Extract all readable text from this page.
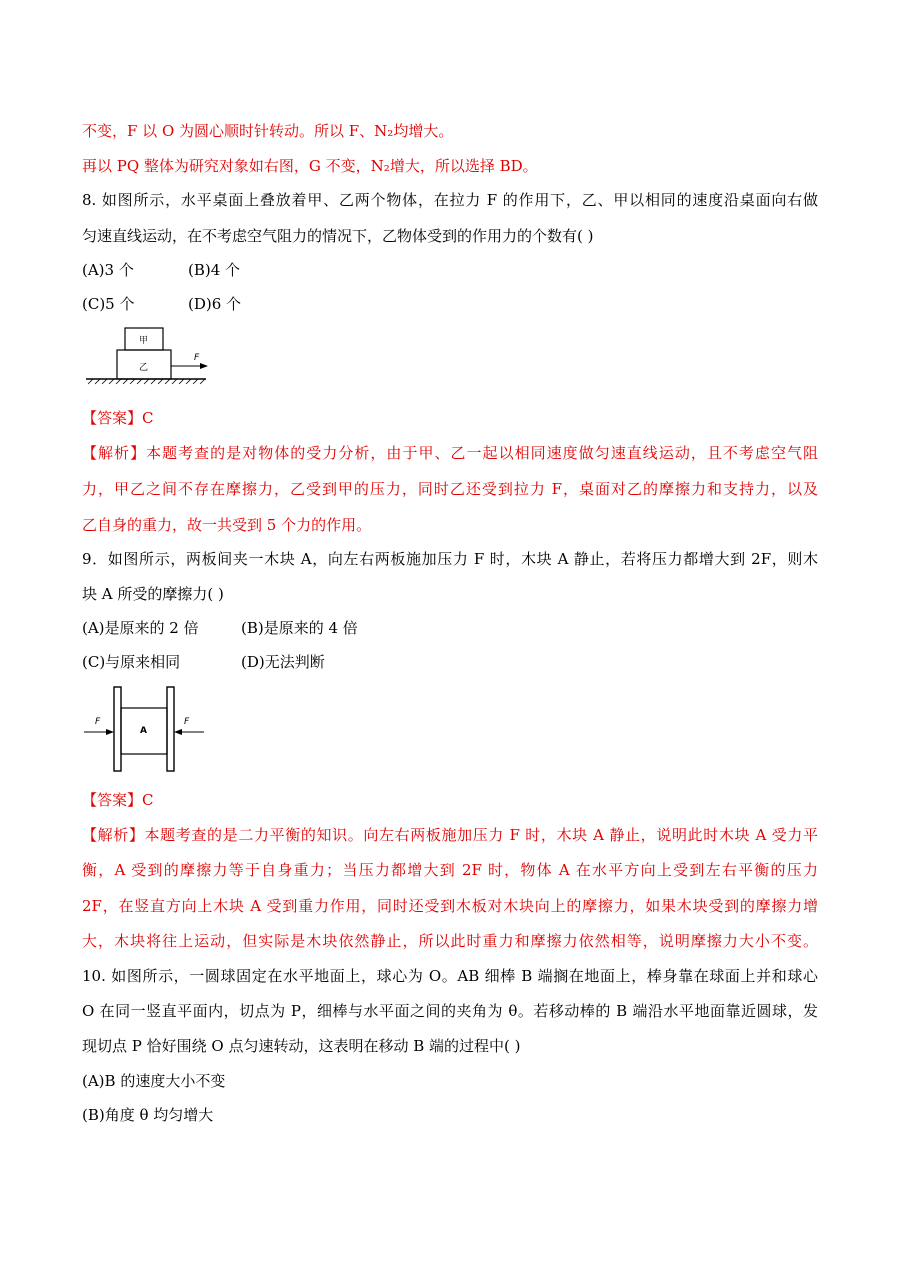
不变，F 以 O 为圆心顺时针转动。所以 F、N₂均增大。
再以 PQ 整体为研究对象如右图，G 不变，N₂增大，所以选择 BD。
8. 如图所示，水平桌面上叠放着甲、乙两个物体，在拉力 F 的作用下，乙、甲以相同的速度沿桌面向右做
匀速直线运动，在不考虑空气阻力的情况下，乙物体受到的作用力的个数有( )
(A)3 个	(B)4 个
(C)5 个	(D)6 个
甲
乙
F
【答案】C
【解析】本题考查的是对物体的受力分析，由于甲、乙一起以相同速度做匀速直线运动，且不考虑空气阻
力，甲乙之间不存在摩擦力，乙受到甲的压力，同时乙还受到拉力 F，桌面对乙的摩擦力和支持力，以及
乙自身的重力，故一共受到 5 个力的作用。
9．如图所示，两板间夹一木块 A，向左右两板施加压力 F 时，木块 A 静止，若将压力都增大到 2F，则木
块 A 所受的摩擦力( )
(A)是原来的 2 倍	(B)是原来的 4 倍
(C)与原来相同	(D)无法判断
A
F	F
【答案】C
【解析】本题考查的是二力平衡的知识。向左右两板施加压力 F 时，木块 A 静止，说明此时木块 A 受力平
衡，A 受到的摩擦力等于自身重力；当压力都增大到 2F 时，物体 A 在水平方向上受到左右平衡的压力
2F，在竖直方向上木块 A 受到重力作用，同时还受到木板对木块向上的摩擦力，如果木块受到的摩擦力增
大，木块将往上运动，但实际是木块依然静止，所以此时重力和摩擦力依然相等，说明摩擦力大小不变。
10. 如图所示，一圆球固定在水平地面上，球心为 O。AB 细棒 B 端搁在地面上，棒身靠在球面上并和球心
O 在同一竖直平面内，切点为 P，细棒与水平面之间的夹角为 θ。若移动棒的 B 端沿水平地面靠近圆球，发
现切点 P 恰好围绕 O 点匀速转动，这表明在移动 B 端的过程中( )
(A)B 的速度大小不变
(B)角度 θ 均匀增大
